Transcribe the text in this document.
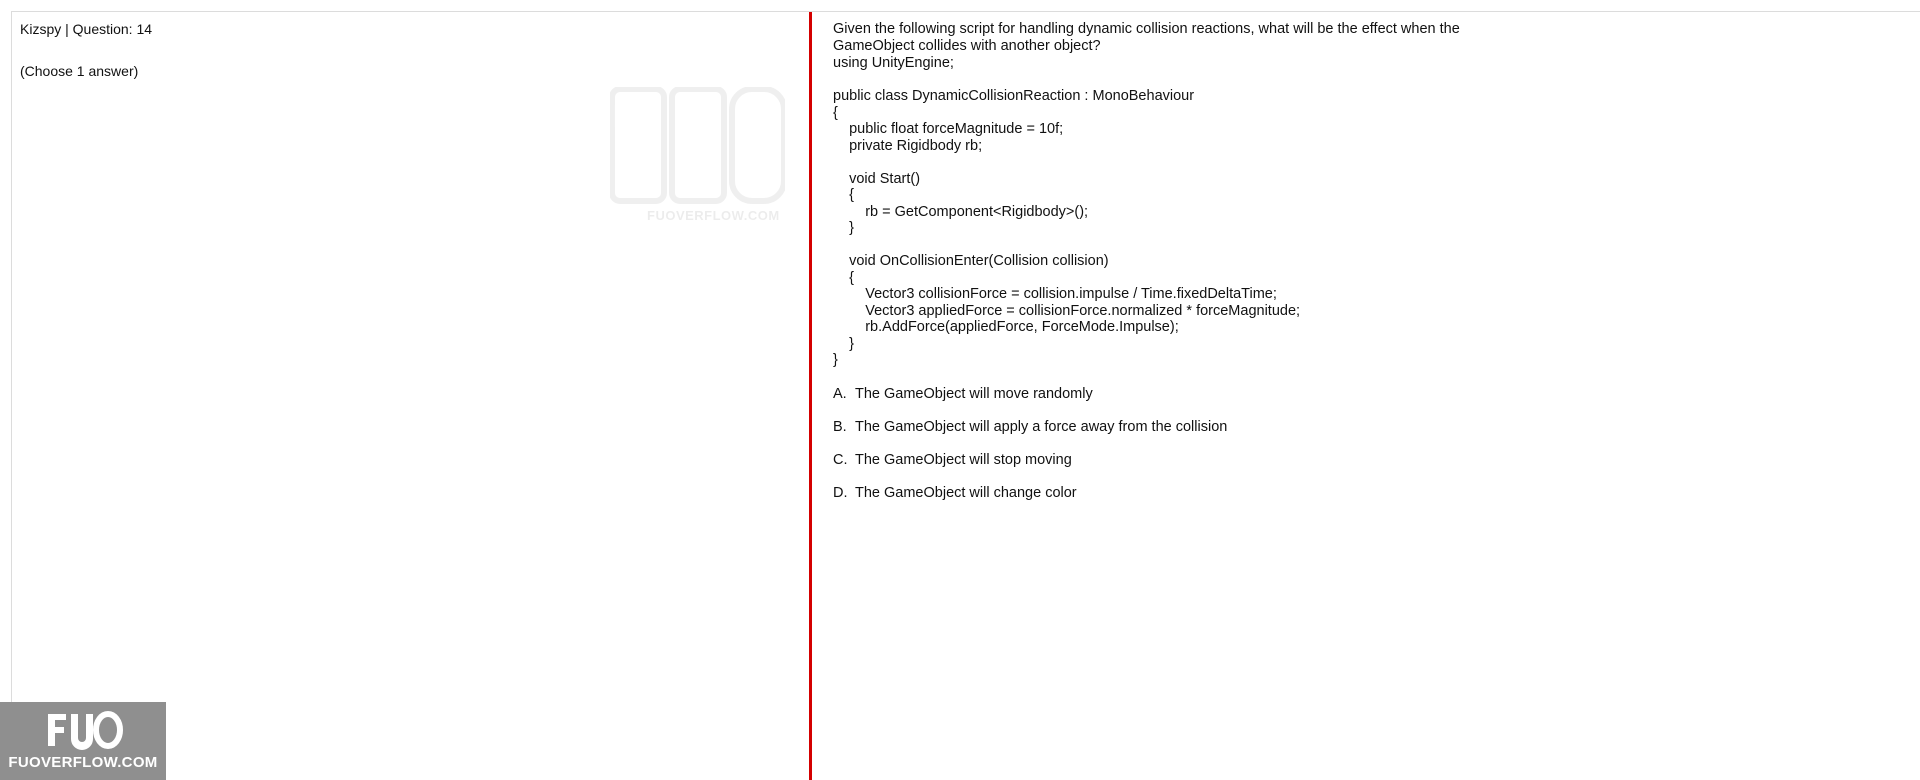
Kizspy | Question: 14
(Choose 1 answer)
FUOVERFLOW.COM
Given the following script for handling dynamic collision reactions, what will be the effect when the GameObject collides with another object?
using UnityEngine;

public class DynamicCollisionReaction : MonoBehaviour
{
public float forceMagnitude = 10f;
private Rigidbody rb;

void Start()
{
rb = GetComponent<Rigidbody>();
}

void OnCollisionEnter(Collision collision)
{
Vector3 collisionForce = collision.impulse / Time.fixedDeltaTime;
Vector3 appliedForce = collisionForce.normalized * forceMagnitude;
rb.AddForce(appliedForce, ForceMode.Impulse);
}
}
A. The GameObject will move randomly
B. The GameObject will apply a force away from the collision
C. The GameObject will stop moving
D. The GameObject will change color
FUOVERFLOW.COM
